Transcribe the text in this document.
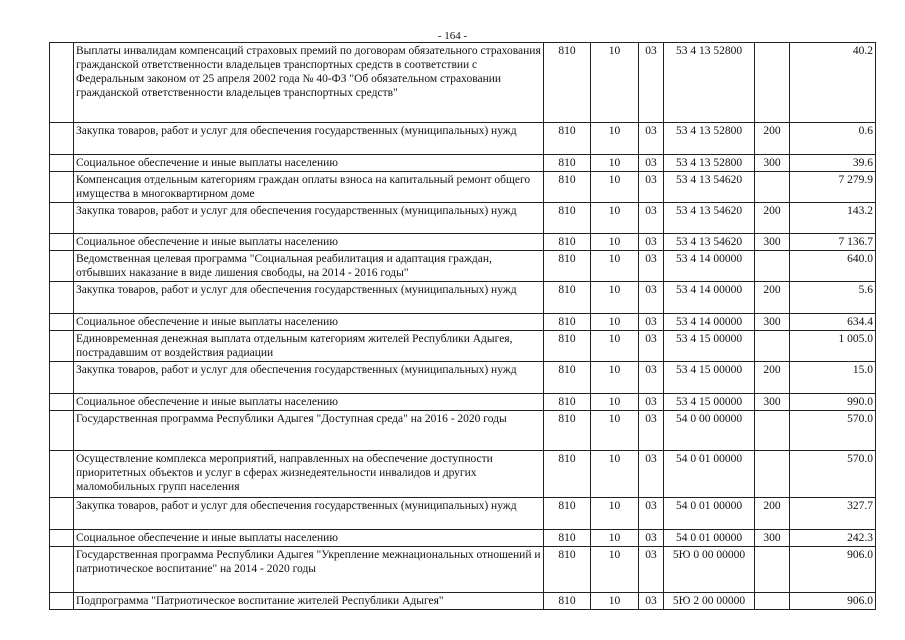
- 164 -
	Выплаты инвалидам компенсаций страховых премий по договорам обязательного страхования гражданской ответственности владельцев транспортных средств в соответствии с Федеральным законом от 25 апреля 2002 года № 40-ФЗ "Об обязательном страховании гражданской ответственности владельцев транспортных средств"	810	10	03	53 4 13 52800		40.2
	Закупка товаров, работ и услуг для обеспечения государственных (муниципальных) нужд	810	10	03	53 4 13 52800	200	0.6
	Социальное обеспечение и иные выплаты населению	810	10	03	53 4 13 52800	300	39.6
	Компенсация отдельным категориям граждан оплаты взноса на капитальный ремонт общего имущества в многоквартирном доме	810	10	03	53 4 13 54620		7 279.9
	Закупка товаров, работ и услуг для обеспечения государственных (муниципальных) нужд	810	10	03	53 4 13 54620	200	143.2
	Социальное обеспечение и иные выплаты населению	810	10	03	53 4 13 54620	300	7 136.7
	Ведомственная целевая программа "Социальная реабилитация и адаптация граждан, отбывших наказание в виде лишения свободы, на 2014 - 2016 годы"	810	10	03	53 4 14 00000		640.0
	Закупка товаров, работ и услуг для обеспечения государственных (муниципальных) нужд	810	10	03	53 4 14 00000	200	5.6
	Социальное обеспечение и иные выплаты населению	810	10	03	53 4 14 00000	300	634.4
	Единовременная денежная выплата отдельным категориям жителей Республики Адыгея, пострадавшим от воздействия радиации	810	10	03	53 4 15 00000		1 005.0
	Закупка товаров, работ и услуг для обеспечения государственных (муниципальных) нужд	810	10	03	53 4 15 00000	200	15.0
	Социальное обеспечение и иные выплаты населению	810	10	03	53 4 15 00000	300	990.0
	Государственная программа Республики Адыгея "Доступная среда" на 2016 - 2020 годы	810	10	03	54 0 00 00000		570.0
	Осуществление комплекса мероприятий, направленных на обеспечение доступности приоритетных объектов и услуг в сферах жизнедеятельности инвалидов и других маломобильных групп населения	810	10	03	54 0 01 00000		570.0
	Закупка товаров, работ и услуг для обеспечения государственных (муниципальных) нужд	810	10	03	54 0 01 00000	200	327.7
	Социальное обеспечение и иные выплаты населению	810	10	03	54 0 01 00000	300	242.3
	Государственная программа Республики Адыгея "Укрепление межнациональных отношений и патриотическое воспитание" на 2014 - 2020 годы	810	10	03	5Ю 0 00 00000		906.0
	Подпрограмма "Патриотическое воспитание жителей Республики Адыгея"	810	10	03	5Ю 2 00 00000		906.0
